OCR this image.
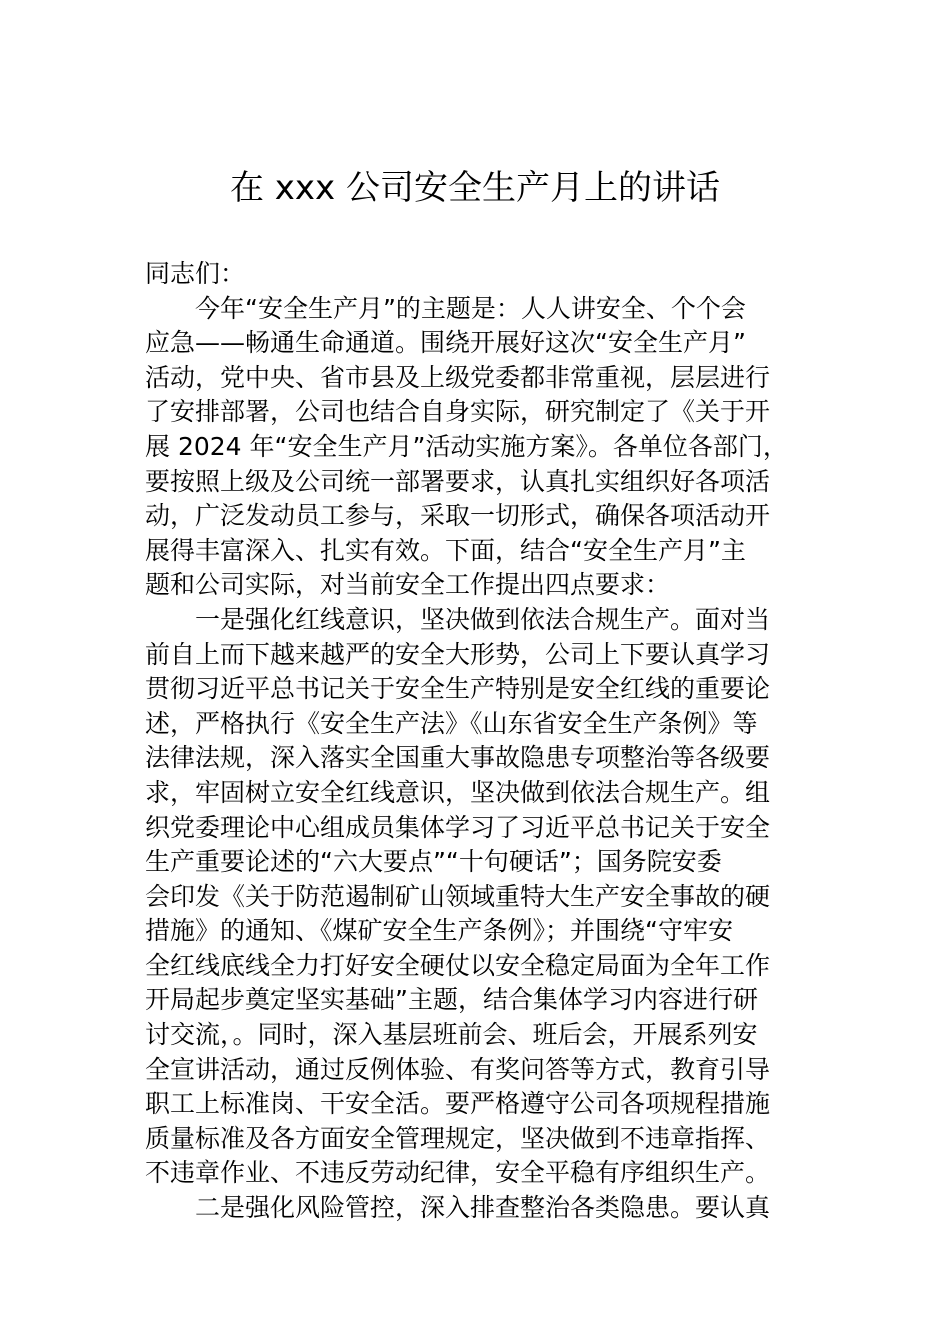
在 xxx 公司安全生产月上的讲话
同志们：
今年“安全生产月”的主题是：人人讲安全、个个会
应急——畅通生命通道。围绕开展好这次“安全生产月”
活动，党中央、省市县及上级党委都非常重视，层层进行
了安排部署，公司也结合自身实际，研究制定了《关于开
展 2024 年“安全生产月”活动实施方案》。各单位各部门，
要按照上级及公司统一部署要求，认真扎实组织好各项活
动，广泛发动员工参与，采取一切形式，确保各项活动开
展得丰富深入、扎实有效。下面，结合“安全生产月”主
题和公司实际，对当前安全工作提出四点要求：
一是强化红线意识，坚决做到依法合规生产。面对当
前自上而下越来越严的安全大形势，公司上下要认真学习
贯彻习近平总书记关于安全生产特别是安全红线的重要论
述，严格执行《安全生产法》《山东省安全生产条例》等
法律法规，深入落实全国重大事故隐患专项整治等各级要
求，牢固树立安全红线意识，坚决做到依法合规生产。组
织党委理论中心组成员集体学习了习近平总书记关于安全
生产重要论述的“六大要点”“十句硬话”；国务院安委
会印发《关于防范遏制矿山领域重特大生产安全事故的硬
措施》的通知、《煤矿安全生产条例》；并围绕“守牢安
全红线底线全力打好安全硬仗以安全稳定局面为全年工作
开局起步奠定坚实基础”主题，结合集体学习内容进行研
讨交流，。同时，深入基层班前会、班后会，开展系列安
全宣讲活动，通过反例体验、有奖问答等方式，教育引导
职工上标准岗、干安全活。要严格遵守公司各项规程措施
质量标准及各方面安全管理规定，坚决做到不违章指挥、
不违章作业、不违反劳动纪律，安全平稳有序组织生产。
二是强化风险管控，深入排查整治各类隐患。要认真
